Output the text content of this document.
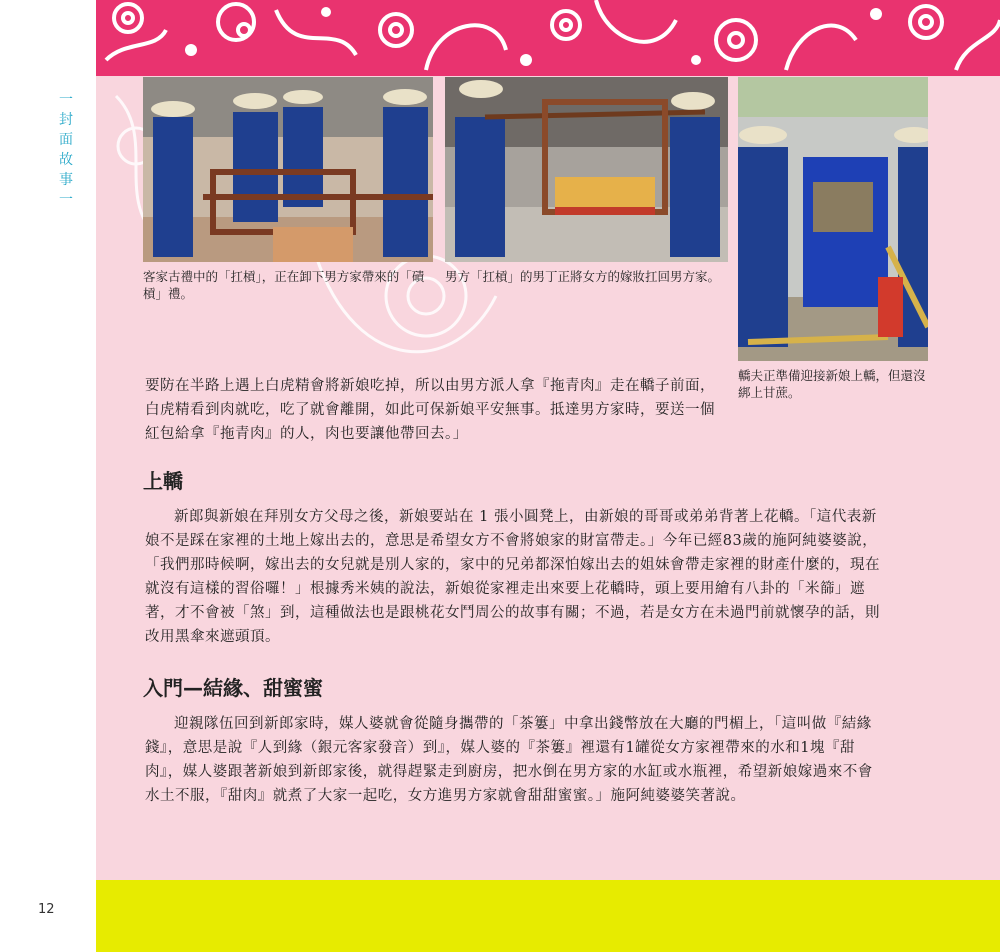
一
封
面
故
事
一
客家古禮中的「扛槓」，正在卸下男方家帶來的「磧槓」禮。
男方「扛槓」的男丁正將女方的嫁妝扛回男方家。
轎夫正準備迎接新娘上轎，但還沒綁上甘蔗。
要防在半路上遇上白虎精會將新娘吃掉，所以由男方派人拿『拖青肉』走在轎子前面，白虎精看到肉就吃，吃了就會離開，如此可保新娘平安無事。抵達男方家時，要送一個紅包給拿『拖青肉』的人，肉也要讓他帶回去。」
上轎
新郎與新娘在拜別女方父母之後，新娘要站在 1 張小圓凳上，由新娘的哥哥或弟弟背著上花轎。「這代表新娘不是踩在家裡的土地上嫁出去的，意思是希望女方不會將娘家的財富帶走。」今年已經83歲的施阿純婆婆說，「我們那時候啊，嫁出去的女兒就是別人家的，家中的兄弟都深怕嫁出去的姐妹會帶走家裡的財產什麼的，現在就沒有這樣的習俗囉！」根據秀米姨的說法，新娘從家裡走出來要上花轎時，頭上要用繪有八卦的「米篩」遮著，才不會被「煞」到，這種做法也是跟桃花女鬥周公的故事有關；不過，若是女方在未過門前就懷孕的話，則改用黑傘來遮頭頂。
入門—結緣、甜蜜蜜
迎親隊伍回到新郎家時，媒人婆就會從隨身攜帶的「茶簍」中拿出錢幣放在大廳的門楣上，「這叫做『結緣錢』，意思是說『人到緣（銀元客家發音）到』，媒人婆的『茶簍』裡還有1罐從女方家裡帶來的水和1塊『甜肉』，媒人婆跟著新娘到新郎家後，就得趕緊走到廚房，把水倒在男方家的水缸或水瓶裡，希望新娘嫁過來不會水土不服，『甜肉』就煮了大家一起吃，女方進男方家就會甜甜蜜蜜。」施阿純婆婆笑著說。
12
